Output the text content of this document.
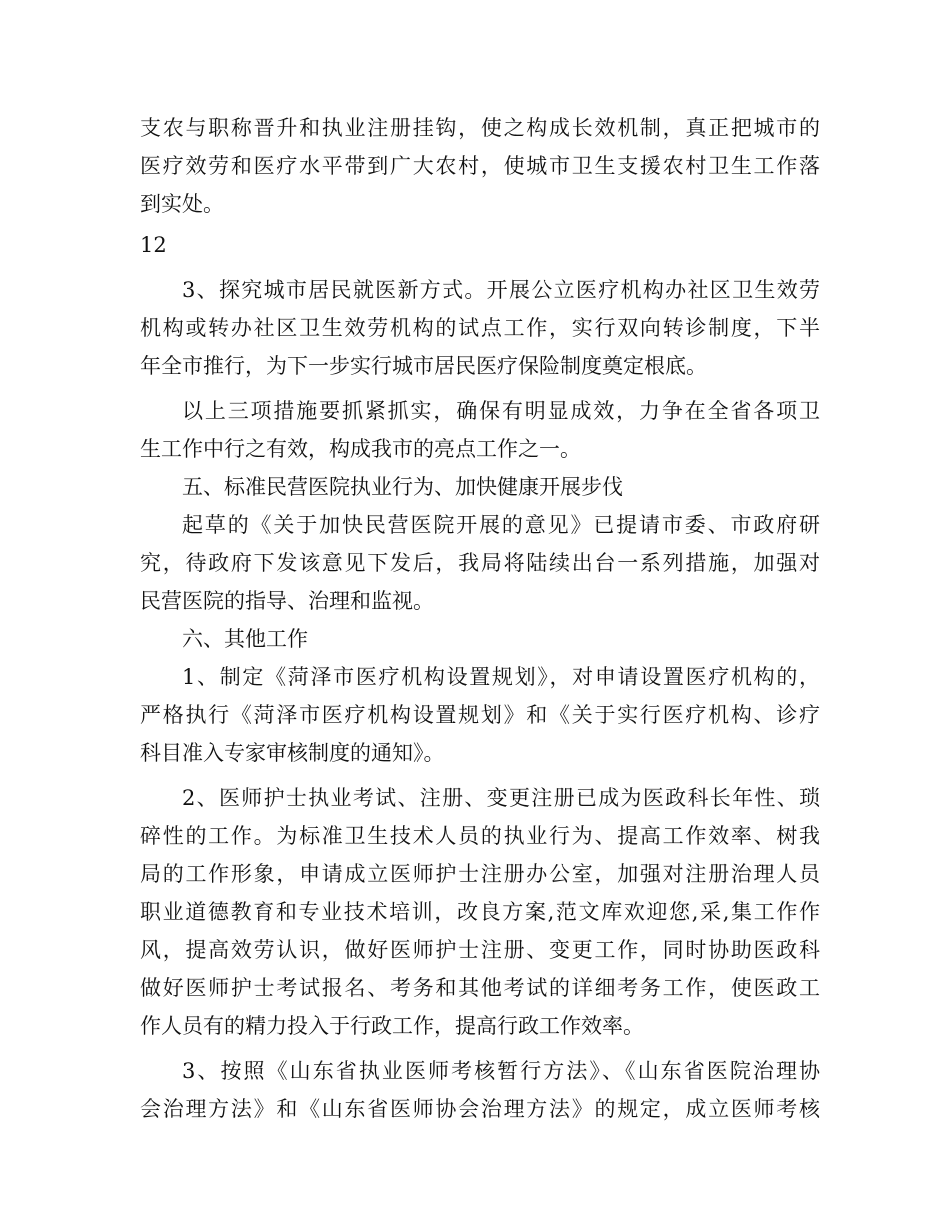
支农与职称晋升和执业注册挂钩，使之构成长效机制，真正把城市的
医疗效劳和医疗水平带到广大农村，使城市卫生支援农村卫生工作落
到实处。
12
3、探究城市居民就医新方式。开展公立医疗机构办社区卫生效劳
机构或转办社区卫生效劳机构的试点工作，实行双向转诊制度，下半
年全市推行，为下一步实行城市居民医疗保险制度奠定根底。
以上三项措施要抓紧抓实，确保有明显成效，力争在全省各项卫
生工作中行之有效，构成我市的亮点工作之一。
五、标准民营医院执业行为、加快健康开展步伐
起草的《关于加快民营医院开展的意见》已提请市委、市政府研
究，待政府下发该意见下发后，我局将陆续出台一系列措施，加强对
民营医院的指导、治理和监视。
六、其他工作
1、制定《菏泽市医疗机构设置规划》，对申请设置医疗机构的，
严格执行《菏泽市医疗机构设置规划》和《关于实行医疗机构、诊疗
科目准入专家审核制度的通知》。
2、医师护士执业考试、注册、变更注册已成为医政科长年性、琐
碎性的工作。为标准卫生技术人员的执业行为、提高工作效率、树我
局的工作形象，申请成立医师护士注册办公室，加强对注册治理人员
职业道德教育和专业技术培训，改良方案,范文库欢迎您,采,集工作作
风，提高效劳认识，做好医师护士注册、变更工作，同时协助医政科
做好医师护士考试报名、考务和其他考试的详细考务工作，使医政工
作人员有的精力投入于行政工作，提高行政工作效率。
3、按照《山东省执业医师考核暂行方法》、《山东省医院治理协
会治理方法》和《山东省医师协会治理方法》的规定，成立医师考核
